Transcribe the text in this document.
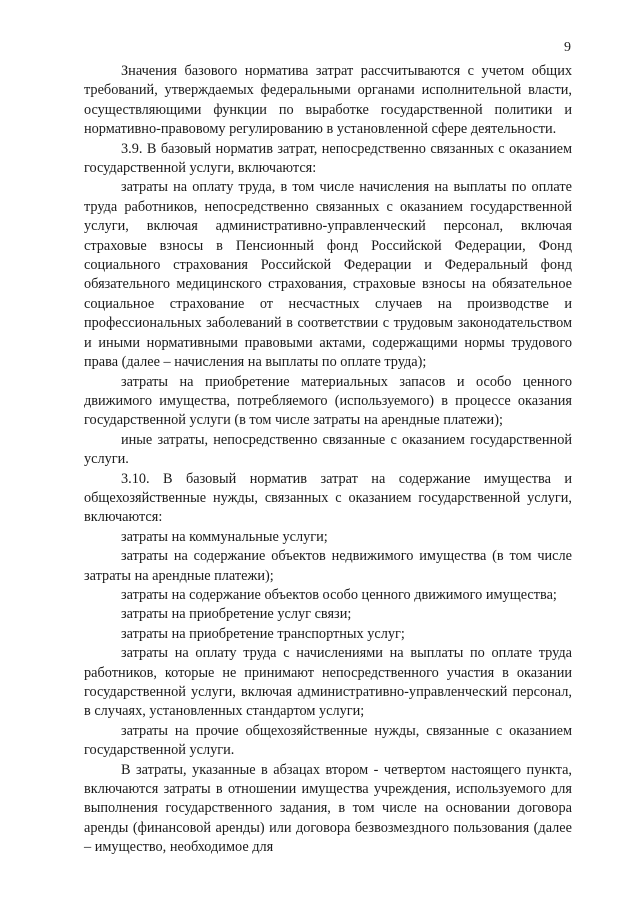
9

Значения базового норматива затрат рассчитываются с учетом общих требований, утверждаемых федеральными органами исполнительной власти, осуществляющими функции по выработке государственной политики и нормативно-правовому регулированию в установленной сфере деятельности.

3.9. В базовый норматив затрат, непосредственно связанных с оказанием государственной услуги, включаются:

затраты на оплату труда, в том числе начисления на выплаты по оплате труда работников, непосредственно связанных с оказанием государственной услуги, включая административно-управленческий персонал, включая страховые взносы в Пенсионный фонд Российской Федерации, Фонд социального страхования Российской Федерации и Федеральный фонд обязательного медицинского страхования, страховые взносы на обязательное социальное страхование от несчастных случаев на производстве и профессиональных заболеваний в соответствии с трудовым законодательством и иными нормативными правовыми актами, содержащими нормы трудового права (далее – начисления на выплаты по оплате труда);

затраты на приобретение материальных запасов и особо ценного движимого имущества, потребляемого (используемого) в процессе оказания государственной услуги (в том числе затраты на арендные платежи);

иные затраты, непосредственно связанные с оказанием государственной услуги.

3.10. В базовый норматив затрат на содержание имущества и общехозяйственные нужды, связанных с оказанием государственной услуги, включаются:

затраты на коммунальные услуги;

затраты на содержание объектов недвижимого имущества (в том числе затраты на арендные платежи);

затраты на содержание объектов особо ценного движимого имущества;

затраты на приобретение услуг связи;

затраты на приобретение транспортных услуг;

затраты на оплату труда с начислениями на выплаты по оплате труда работников, которые не принимают непосредственного участия в оказании государственной услуги, включая административно-управленческий персонал, в случаях, установленных стандартом услуги;

затраты на прочие общехозяйственные нужды, связанные с оказанием государственной услуги.

В затраты, указанные в абзацах втором - четвертом настоящего пункта, включаются затраты в отношении имущества учреждения, используемого для выполнения государственного задания, в том числе на основании договора аренды (финансовой аренды) или договора безвозмездного пользования (далее – имущество, необходимое для
